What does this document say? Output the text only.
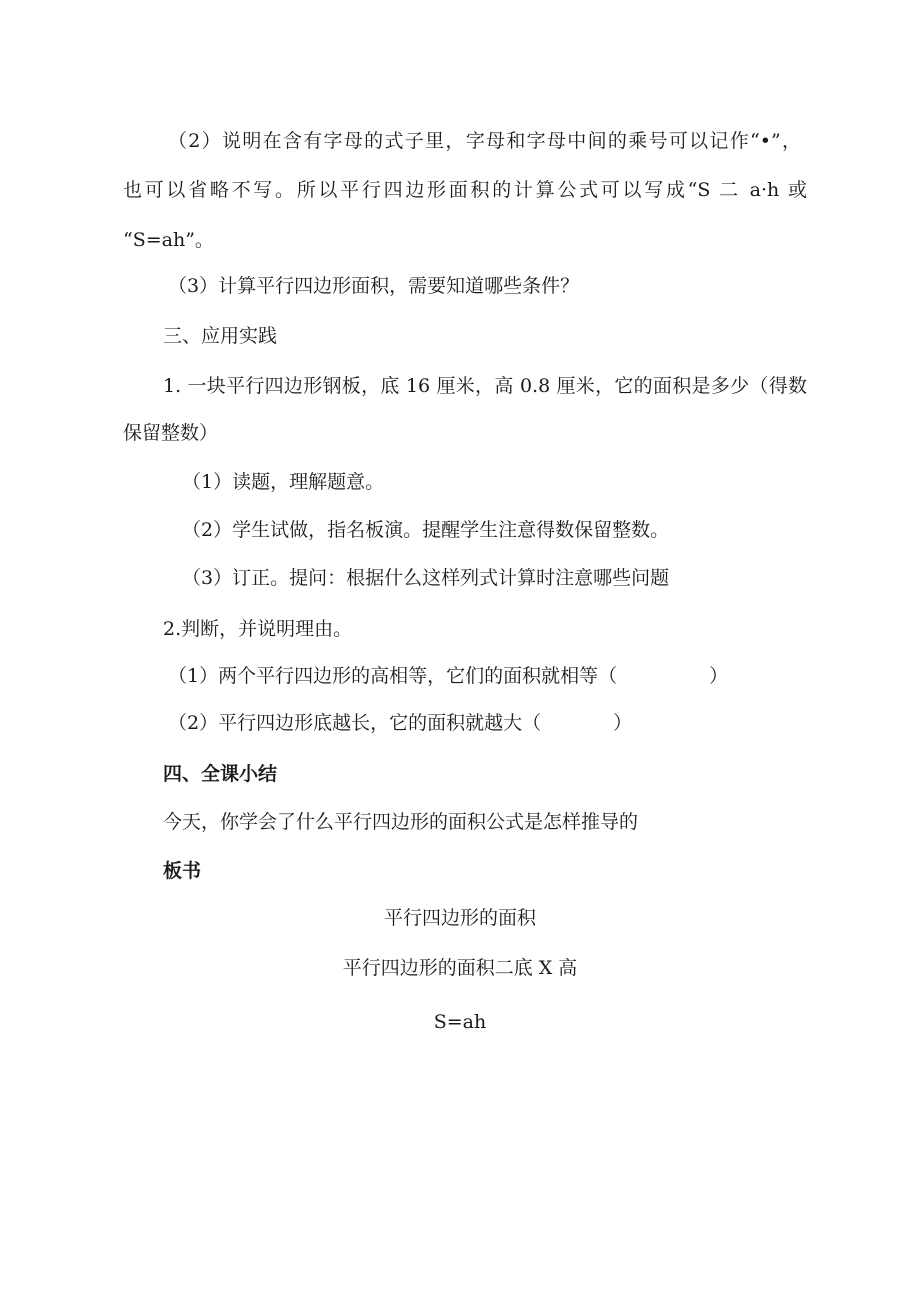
（2）说明在含有字母的式子里，字母和字母中间的乘号可以记作“•”，
也可以省略不写。所以平行四边形面积的计算公式可以写成“S 二 a·h 或
“S=ah”。
（3）计算平行四边形面积，需要知道哪些条件？
三、应用实践
1. 一块平行四边形钢板，底 16 厘米，高 0.8 厘米，它的面积是多少（得数
保留整数）
（1）读题，理解题意。
（2）学生试做，指名板演。提醒学生注意得数保留整数。
（3）订正。提问：根据什么这样列式计算时注意哪些问题
2.判断，并说明理由。
（1）两个平行四边形的高相等，它们的面积就相等（	）
（2）平行四边形底越长，它的面积就越大（	）
四、全课小结
今天，你学会了什么平行四边形的面积公式是怎样推导的
板书
平行四边形的面积
平行四边形的面积二底 X 高
S=ah
